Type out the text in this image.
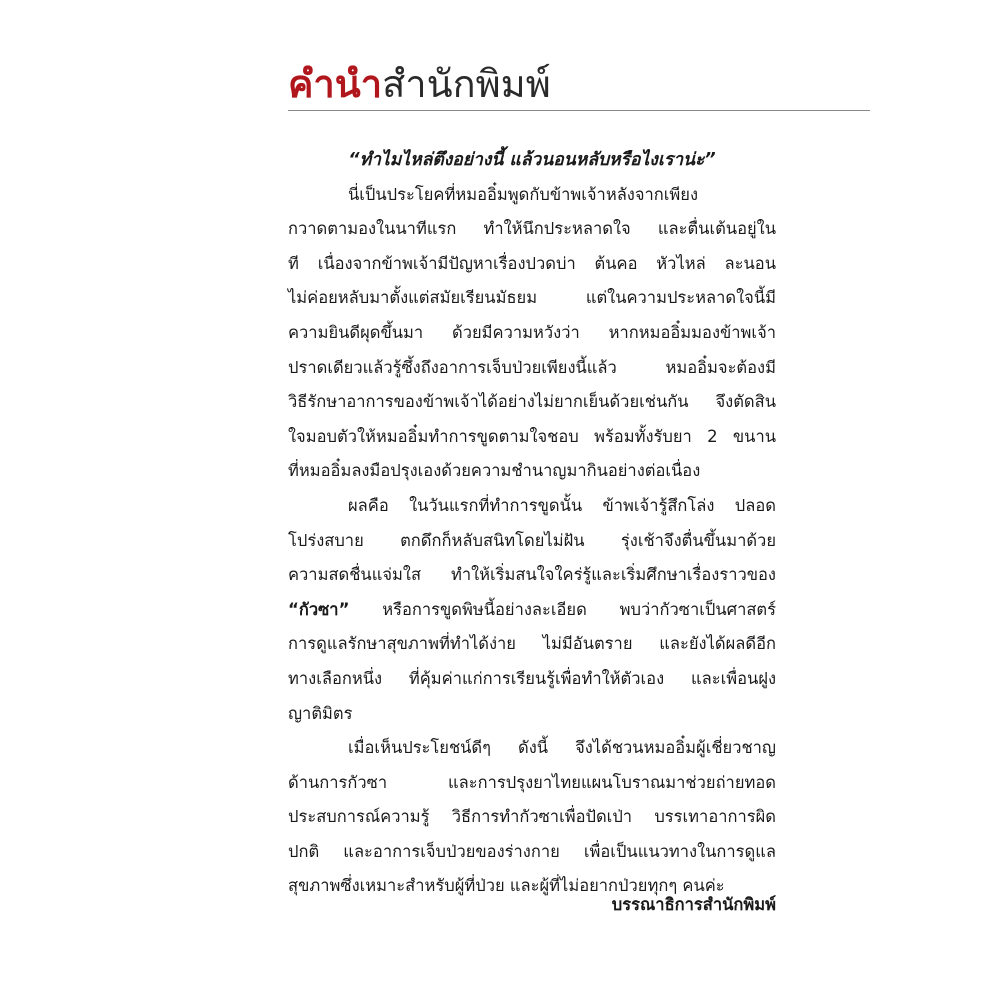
คำนำสำนักพิมพ์
“ทำไมไหล่ตึงอย่างนี้ แล้วนอนหลับหรือไงเราน่ะ”
นี่เป็นประโยคที่หมออิ๋มพูดกับข้าพเจ้าหลังจากเพียง
กวาดตามองในนาทีแรก ทำให้นึกประหลาดใจ และตื่นเต้นอยู่ใน
ที เนื่องจากข้าพเจ้ามีปัญหาเรื่องปวดบ่า ต้นคอ หัวไหล่ ละนอน
ไม่ค่อยหลับมาตั้งแต่สมัยเรียนมัธยม แต่ในความประหลาดใจนี้มี
ความยินดีผุดขึ้นมา ด้วยมีความหวังว่า หากหมออิ๋มมองข้าพเจ้า
ปราดเดียวแล้วรู้ซึ้งถึงอาการเจ็บป่วยเพียงนี้แล้ว หมออิ๋มจะต้องมี
วิธีรักษาอาการของข้าพเจ้าได้อย่างไม่ยากเย็นด้วยเช่นกัน จึงตัดสิน
ใจมอบตัวให้หมออิ๋มทำการขูดตามใจชอบ พร้อมทั้งรับยา 2 ขนาน
ที่หมออิ๋มลงมือปรุงเองด้วยความชำนาญมากินอย่างต่อเนื่อง
ผลคือ ในวันแรกที่ทำการขูดนั้น ข้าพเจ้ารู้สึกโล่ง ปลอด
โปร่งสบาย ตกดึกก็หลับสนิทโดยไม่ฝัน รุ่งเช้าจึงตื่นขึ้นมาด้วย
ความสดชื่นแจ่มใส ทำให้เริ่มสนใจใคร่รู้และเริ่มศึกษาเรื่องราวของ
“กัวซา” หรือการขูดพิษนี้อย่างละเอียด พบว่ากัวซาเป็นศาสตร์
การดูแลรักษาสุขภาพที่ทำได้ง่าย ไม่มีอันตราย และยังได้ผลดีอีก
ทางเลือกหนึ่ง ที่คุ้มค่าแก่การเรียนรู้เพื่อทำให้ตัวเอง และเพื่อนฝูง
ญาติมิตร
เมื่อเห็นประโยชน์ดีๆ ดังนี้ จึงได้ชวนหมออิ๋มผู้เชี่ยวชาญ
ด้านการกัวซา และการปรุงยาไทยแผนโบราณมาช่วยถ่ายทอด
ประสบการณ์ความรู้ วิธีการทำกัวซาเพื่อปัดเป่า บรรเทาอาการผิด
ปกติ และอาการเจ็บป่วยของร่างกาย เพื่อเป็นแนวทางในการดูแล
สุขภาพซึ่งเหมาะสำหรับผู้ที่ป่วย และผู้ที่ไม่อยากป่วยทุกๆ คนค่ะ
บรรณาธิการสำนักพิมพ์
